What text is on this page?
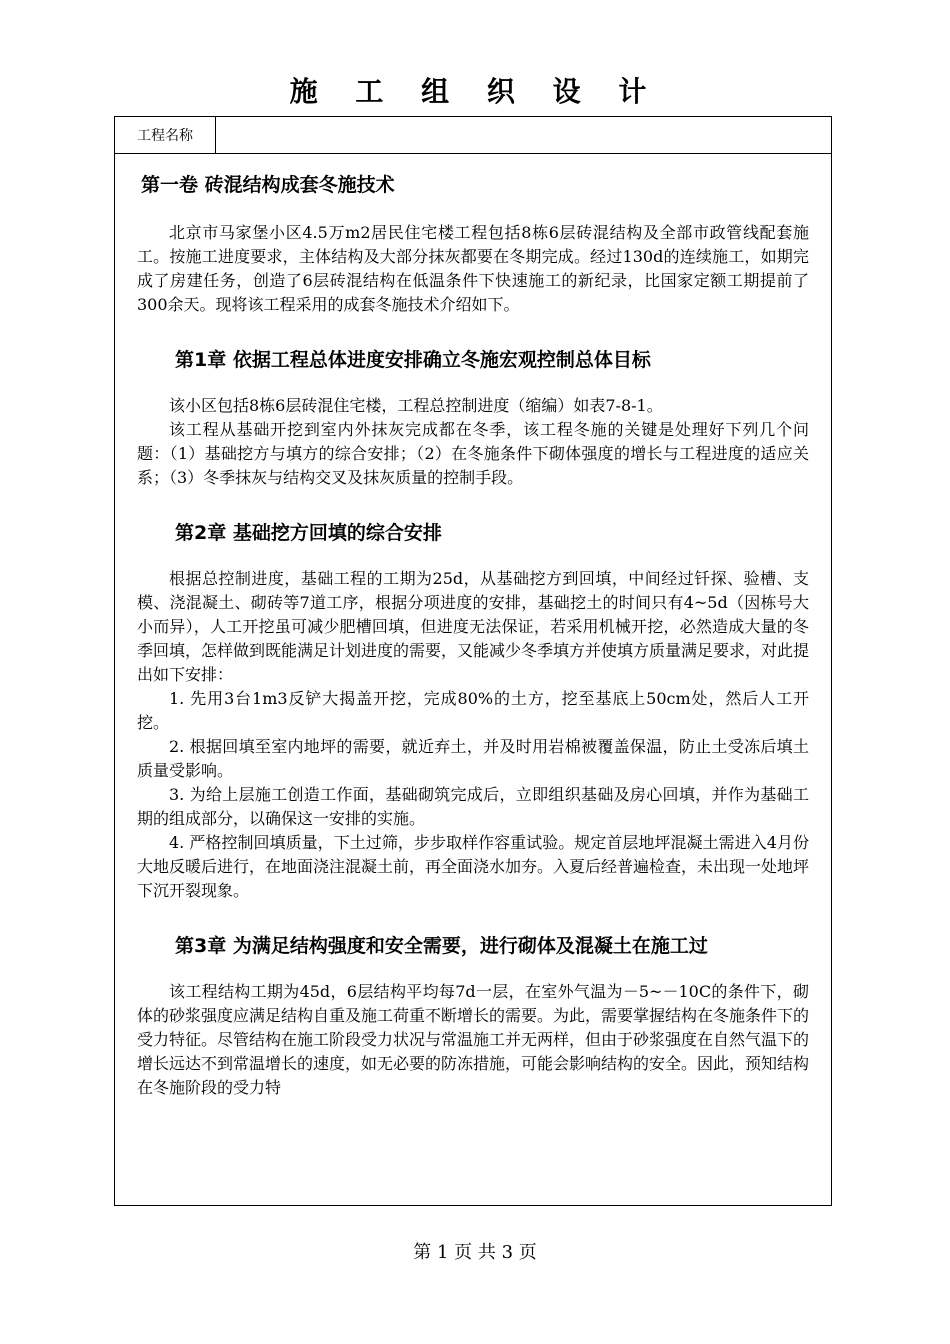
施 工 组 织 设 计
工程名称
第一卷 砖混结构成套冬施技术

北京市马家堡小区4.5万m2居民住宅楼工程包括8栋6层砖混结构及全部市政管线配套施工。按施工进度要求，主体结构及大部分抹灰都要在冬期完成。经过130d的连续施工，如期完成了房建任务，创造了6层砖混结构在低温条件下快速施工的新纪录，比国家定额工期提前了300余天。现将该工程采用的成套冬施技术介绍如下。

第1章 依据工程总体进度安排确立冬施宏观控制总体目标

该小区包括8栋6层砖混住宅楼，工程总控制进度（缩编）如表7-8-1。

该工程从基础开挖到室内外抹灰完成都在冬季，该工程冬施的关键是处理好下列几个问题：（1）基础挖方与填方的综合安排；（2）在冬施条件下砌体强度的增长与工程进度的适应关系；（3）冬季抹灰与结构交叉及抹灰质量的控制手段。

第2章 基础挖方回填的综合安排

根据总控制进度，基础工程的工期为25d，从基础挖方到回填，中间经过钎探、验槽、支模、浇混凝土、砌砖等7道工序，根据分项进度的安排，基础挖土的时间只有4~5d（因栋号大小而异），人工开挖虽可减少肥槽回填，但进度无法保证，若采用机械开挖，必然造成大量的冬季回填，怎样做到既能满足计划进度的需要，又能减少冬季填方并使填方质量满足要求，对此提出如下安排：

1. 先用3台1m3反铲大揭盖开挖，完成80%的土方，挖至基底上50cm处，然后人工开挖。

2. 根据回填至室内地坪的需要，就近弃土，并及时用岩棉被覆盖保温，防止土受冻后填土质量受影响。

3. 为给上层施工创造工作面，基础砌筑完成后，立即组织基础及房心回填，并作为基础工期的组成部分，以确保这一安排的实施。

4. 严格控制回填质量，下土过筛，步步取样作容重试验。规定首层地坪混凝土需进入4月份大地反暖后进行，在地面浇注混凝土前，再全面浇水加夯。入夏后经普遍检查，未出现一处地坪下沉开裂现象。

第3章 为满足结构强度和安全需要，进行砌体及混凝土在施工过

该工程结构工期为45d，6层结构平均每7d一层，在室外气温为－5~－10C的条件下，砌体的砂浆强度应满足结构自重及施工荷重不断增长的需要。为此，需要掌握结构在冬施条件下的受力特征。尽管结构在施工阶段受力状况与常温施工并无两样，但由于砂浆强度在自然气温下的增长远达不到常温增长的速度，如无必要的防冻措施，可能会影响结构的安全。因此，预知结构在冬施阶段的受力特

第 1 页 共 3 页
